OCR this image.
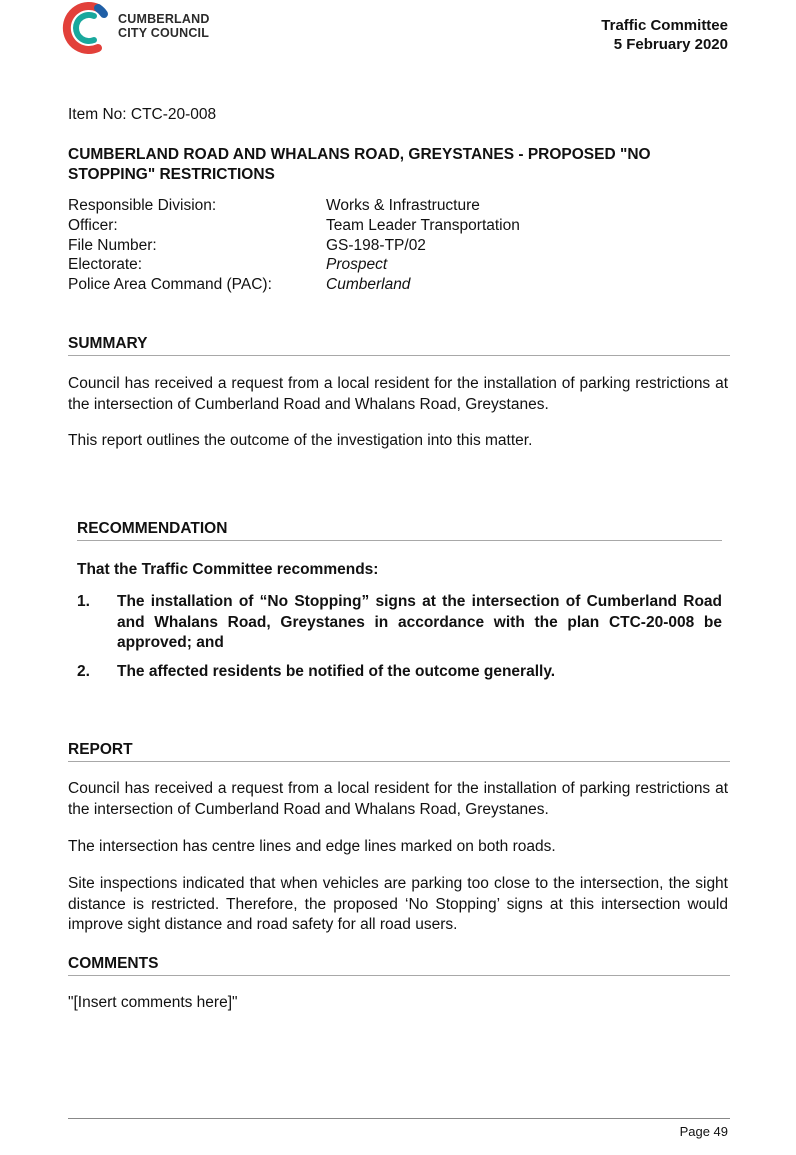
CUMBERLAND
CITY COUNCIL	Traffic Committee
5 February 2020
Item No: CTC-20-008
CUMBERLAND ROAD AND WHALANS ROAD, GREYSTANES - PROPOSED "NO STOPPING" RESTRICTIONS
Responsible Division:	Works & Infrastructure
Officer:	Team Leader Transportation
File Number:	GS-198-TP/02
Electorate:	Prospect
Police Area Command (PAC):	Cumberland
SUMMARY
Council has received a request from a local resident for the installation of parking restrictions at the intersection of Cumberland Road and Whalans Road, Greystanes.
This report outlines the outcome of the investigation into this matter.
RECOMMENDATION
That the Traffic Committee recommends:
1.	The installation of “No Stopping” signs at the intersection of Cumberland Road and Whalans Road, Greystanes in accordance with the plan CTC-20-008 be approved; and
2.	The affected residents be notified of the outcome generally.
REPORT
Council has received a request from a local resident for the installation of parking restrictions at the intersection of Cumberland Road and Whalans Road, Greystanes.
The intersection has centre lines and edge lines marked on both roads.
Site inspections indicated that when vehicles are parking too close to the intersection, the sight distance is restricted. Therefore, the proposed ‘No Stopping’ signs at this intersection would improve sight distance and road safety for all road users.
COMMENTS
"[Insert comments here]"
Page 49
